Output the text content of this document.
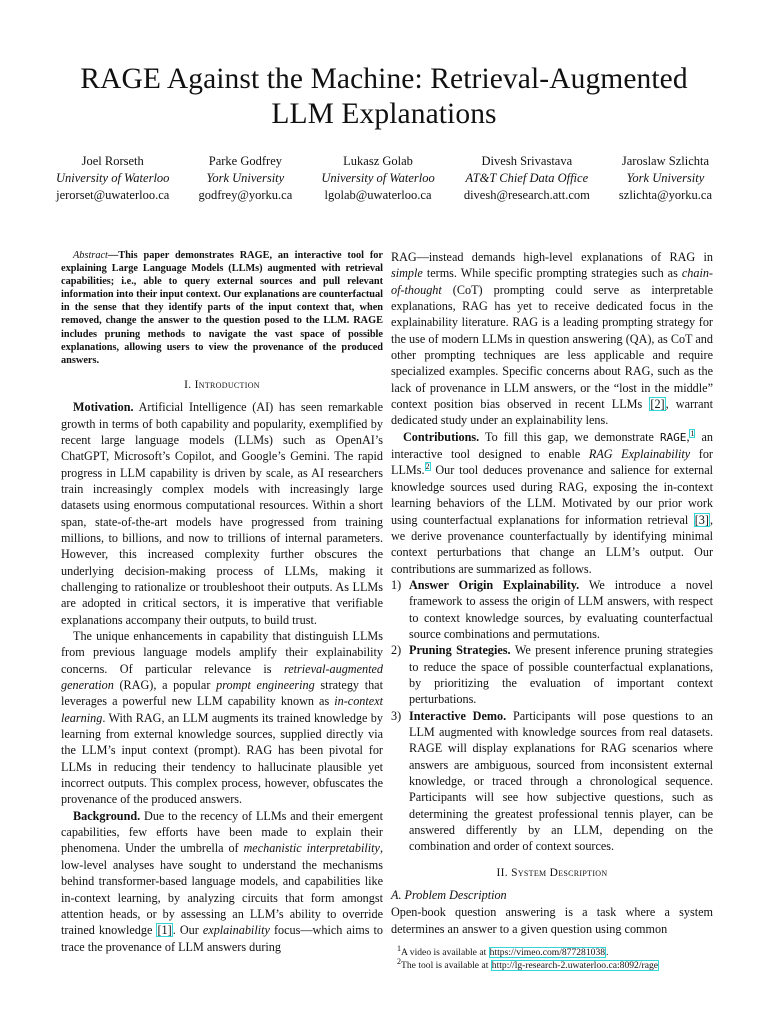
RAGE Against the Machine: Retrieval-Augmented
LLM Explanations
Joel Rorseth
University of Waterloo
jerorset@uwaterloo.ca
Parke Godfrey
York University
godfrey@yorku.ca
Lukasz Golab
University of Waterloo
lgolab@uwaterloo.ca
Divesh Srivastava
AT&T Chief Data Office
divesh@research.att.com
Jaroslaw Szlichta
York University
szlichta@yorku.ca

Abstract—This paper demonstrates RAGE, an interactive tool for explaining Large Language Models (LLMs) augmented with retrieval capabilities; i.e., able to query external sources and pull relevant information into their input context. Our explanations are counterfactual in the sense that they identify parts of the input context that, when removed, change the answer to the question posed to the LLM. RAGE includes pruning methods to navigate the vast space of possible explanations, allowing users to view the provenance of the produced answers.

I. Introduction

Motivation. Artificial Intelligence (AI) has seen remarkable growth in terms of both capability and popularity, exemplified by recent large language models (LLMs) such as OpenAI’s ChatGPT, Microsoft’s Copilot, and Google’s Gemini. The rapid progress in LLM capability is driven by scale, as AI researchers train increasingly complex models with increasingly large datasets using enormous computational resources. Within a short span, state-of-the-art models have progressed from training millions, to billions, and now to trillions of internal parameters. However, this increased complexity further obscures the underlying decision-making process of LLMs, making it challenging to rationalize or troubleshoot their outputs. As LLMs are adopted in critical sectors, it is imperative that verifiable explanations accompany their outputs, to build trust.

The unique enhancements in capability that distinguish LLMs from previous language models amplify their explainability concerns. Of particular relevance is retrieval-augmented generation (RAG), a popular prompt engineering strategy that leverages a powerful new LLM capability known as in-context learning. With RAG, an LLM augments its trained knowledge by learning from external knowledge sources, supplied directly via the LLM’s input context (prompt). RAG has been pivotal for LLMs in reducing their tendency to hallucinate plausible yet incorrect outputs. This complex process, however, obfuscates the provenance of the produced answers.

Background. Due to the recency of LLMs and their emergent capabilities, few efforts have been made to explain their phenomena. Under the umbrella of mechanistic interpretability, low-level analyses have sought to understand the mechanisms behind transformer-based language models, and capabilities like in-context learning, by analyzing circuits that form amongst attention heads, or by assessing an LLM’s ability to override trained knowledge [1]. Our explainability focus—which aims to trace the provenance of LLM answers during

RAG—instead demands high-level explanations of RAG in simple terms. While specific prompting strategies such as chain-of-thought (CoT) prompting could serve as interpretable explanations, RAG has yet to receive dedicated focus in the explainability literature. RAG is a leading prompting strategy for the use of modern LLMs in question answering (QA), as CoT and other prompting techniques are less applicable and require specialized examples. Specific concerns about RAG, such as the lack of provenance in LLM answers, or the “lost in the middle” context position bias observed in recent LLMs [2], warrant dedicated study under an explainability lens.

Contributions. To fill this gap, we demonstrate RAGE,$^1$ an interactive tool designed to enable RAG Explainability for LLMs.$^2$ Our tool deduces provenance and salience for external knowledge sources used during RAG, exposing the in-context learning behaviors of the LLM. Motivated by our prior work using counterfactual explanations for information retrieval [3], we derive provenance counterfactually by identifying minimal context perturbations that change an LLM’s output. Our contributions are summarized as follows.

1) Answer Origin Explainability. We introduce a novel framework to assess the origin of LLM answers, with respect to context knowledge sources, by evaluating counterfactual source combinations and permutations.
2) Pruning Strategies. We present inference pruning strategies to reduce the space of possible counterfactual explanations, by prioritizing the evaluation of important context perturbations.
3) Interactive Demo. Participants will pose questions to an LLM augmented with knowledge sources from real datasets. RAGE will display explanations for RAG scenarios where answers are ambiguous, sourced from inconsistent external knowledge, or traced through a chronological sequence. Participants will see how subjective questions, such as determining the greatest professional tennis player, can be answered differently by an LLM, depending on the combination and order of context sources.
II. System Description
A. Problem Description

Open-book question answering is a task where a system determines an answer to a given question using common

$^1$A video is available at https://vimeo.com/877281038.
$^2$The tool is available at http://lg-research-2.uwaterloo.ca:8092/rage
